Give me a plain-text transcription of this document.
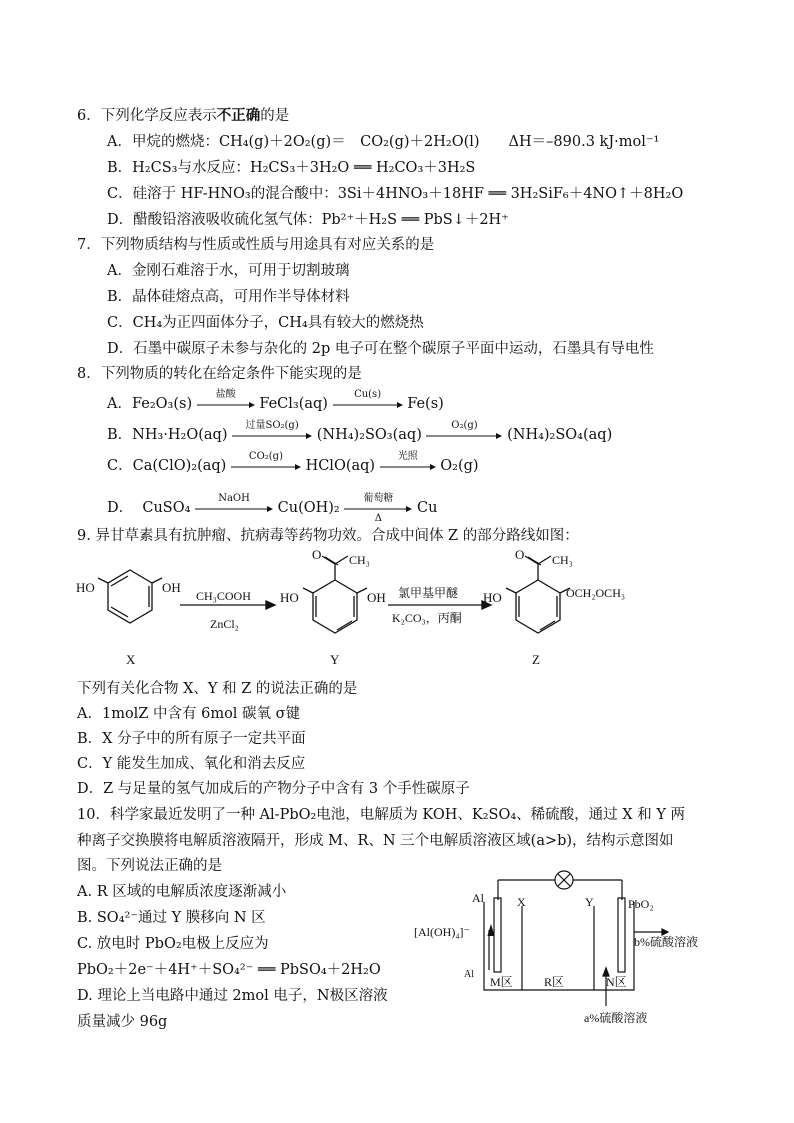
6．下列化学反应表示不正确的是
A．甲烷的燃烧：CH₄(g)＋2O₂(g)＝　CO₂(g)＋2H₂O(l)　　ΔH＝–890.3 kJ·mol⁻¹
B．H₂CS₃与水反应：H₂CS₃＋3H₂O ══ H₂CO₃＋3H₂S
C．硅溶于 HF-HNO₃的混合酸中：3Si＋4HNO₃＋18HF ══ 3H₂SiF₆＋4NO↑＋8H₂O
D．醋酸铅溶液吸收硫化氢气体：Pb²⁺＋H₂S ══ PbS↓＋2H⁺
7．下列物质结构与性质或性质与用途具有对应关系的是
A．金刚石难溶于水，可用于切割玻璃
B．晶体硅熔点高，可用作半导体材料
C．CH₄为正四面体分子，CH₄具有较大的燃烧热
D．石墨中碳原子未参与杂化的 2p 电子可在整个碳原子平面中运动，石墨具有导电性
8．下列物质的转化在给定条件下能实现的是
A．Fe₂O₃(s)
盐酸
FeCl₃(aq)
Cu(s)
Fe(s)
B．NH₃·H₂O(aq)
过量SO₂(g)
(NH₄)₂SO₃(aq)
O₂(g)
(NH₄)₂SO₄(aq)
C．Ca(ClO)₂(aq)
CO₂(g)
HClO(aq)
光照
O₂(g)
D． CuSO₄
NaOH
Cu(OH)₂
葡萄糖
Δ
Cu
9. 异甘草素具有抗肿瘤、抗病毒等药物功效。合成中间体 Z 的部分路线如图：
HO	OH
CH₃COOH
ZnCl₂
HO	OH
O CH₃
氯甲基甲醚
K₂CO₃，丙酮
HO	OCH₂OCH₃
O CH₃
X	Y	Z
下列有关化合物 X、Y 和 Z 的说法正确的是
A．1molZ 中含有 6mol 碳氧 σ键
B．X 分子中的所有原子一定共平面
C．Y 能发生加成、氧化和消去反应
D．Z 与足量的氢气加成后的产物分子中含有 3 个手性碳原子
10．科学家最近发明了一种 Al-PbO₂电池，电解质为 KOH、K₂SO₄、稀硫酸，通过 X 和 Y 两
种离子交换膜将电解质溶液隔开，形成 M、R、N 三个电解质溶液区域(a>b)，结构示意图如
图。下列说法正确的是
A. R 区域的电解质浓度逐渐减小
B. SO₄²⁻通过 Y 膜移向 N 区
C. 放电时 PbO₂电极上反应为
PbO₂＋2e⁻＋4H⁺＋SO₄²⁻ ══ PbSO₄＋2H₂O
D. 理论上当电路中通过 2mol 电子，N极区溶液
质量减少 96g
Al	PbO₂
X	Y
[Al(OH)₄]⁻
Al
b%硫酸溶液
M区	R区	N区
a%硫酸溶液
